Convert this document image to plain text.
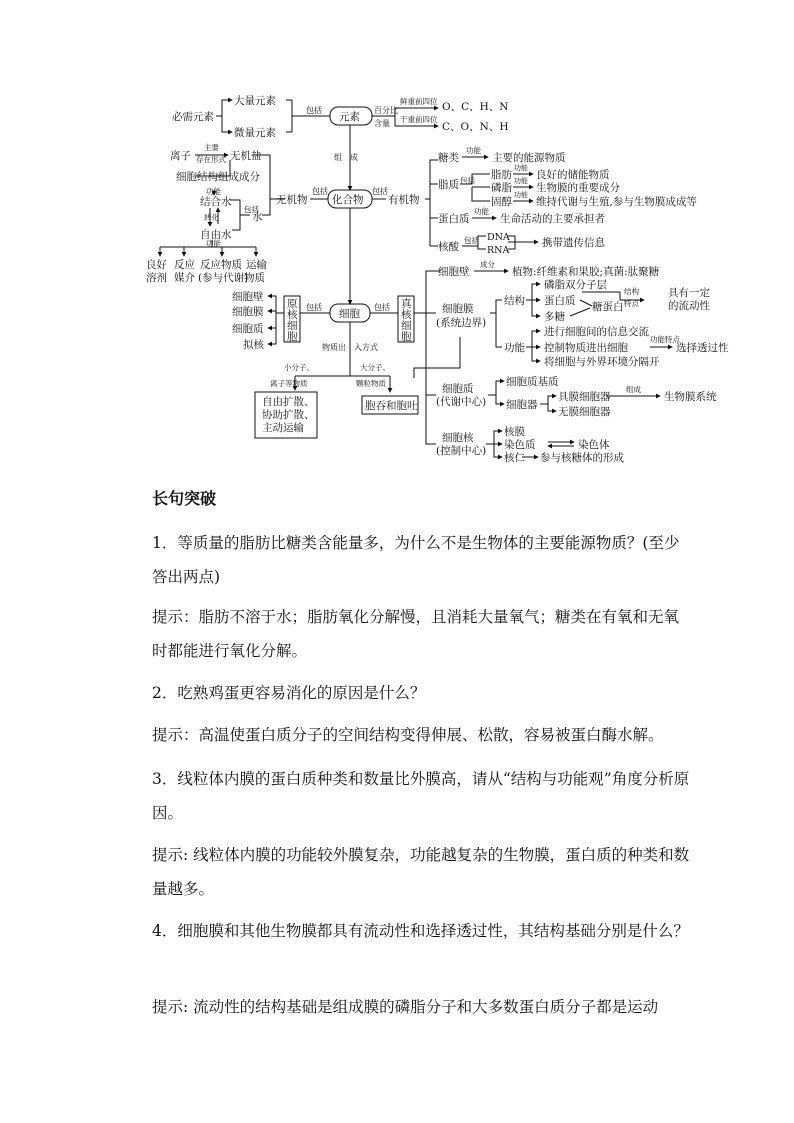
必需元素
大量元素
微量元素
包括
元素
百分比
含量
鲜重前四位
干重前四位
O、C、H、N
C、O、N、H
组　成
离子
主要
存在形式 无机盐
细胞结构组成成分
功能
结合水
转化
自由水
包括
水
功能
无机物
包括
化合物
包括
有机物
良好 反应 反应物质 运输
溶剂 媒介 (参与代谢)
物质
糖类
功能
主要的能源物质
脂质 包括 脂肪
功能
良好的储能物质
磷脂
功能
生物膜的重要成分
固醇
功能
维持代谢与生殖,参与生物膜成成等
蛋白质
功能
生命活动的主要承担者
核酸
包括 DNA
RNA
携带遗传信息
细胞
包括	包括
原
核
细
胞
真
核
细
胞
细胞壁
细胞膜
细胞质
拟核
细胞壁
成分
植物:纤维素和果胶;真菌:肽聚糖
细胞膜
(系统边界)
结构
磷脂双分子层
蛋白质
多糖
糖蛋白
结构
特点
具有一定
的流动性
功能
进行细胞间的信息交流
控制物质进出细胞
功能特点
选择透过性
将细胞与外界环境分隔开
物质出　入方式
小分子、
离子等物质
大分子、
颗粒物质
自由扩散、
协助扩散、
主动运输
胞吞和胞吐
细胞质
(代谢中心)
细胞质基质
细胞器
具膜细胞器
无膜细胞器
组成
生物膜系统
细胞核
(控制中心)
核膜
染色质	染色体
核仁 参与核糖体的形成
长句突破

1．等质量的脂肪比糖类含能量多，为什么不是生物体的主要能源物质？(至少答出两点)

提示：脂肪不溶于水；脂肪氧化分解慢，且消耗大量氧气；糖类在有氧和无氧时都能进行氧化分解。

2．吃熟鸡蛋更容易消化的原因是什么？

提示：高温使蛋白质分子的空间结构变得伸展、松散，容易被蛋白酶水解。

3．线粒体内膜的蛋白质种类和数量比外膜高，请从“结构与功能观”角度分析原因。

提示: 线粒体内膜的功能较外膜复杂，功能越复杂的生物膜，蛋白质的种类和数量越多。

4．细胞膜和其他生物膜都具有流动性和选择透过性，其结构基础分别是什么？

提示: 流动性的结构基础是组成膜的磷脂分子和大多数蛋白质分子都是运动
